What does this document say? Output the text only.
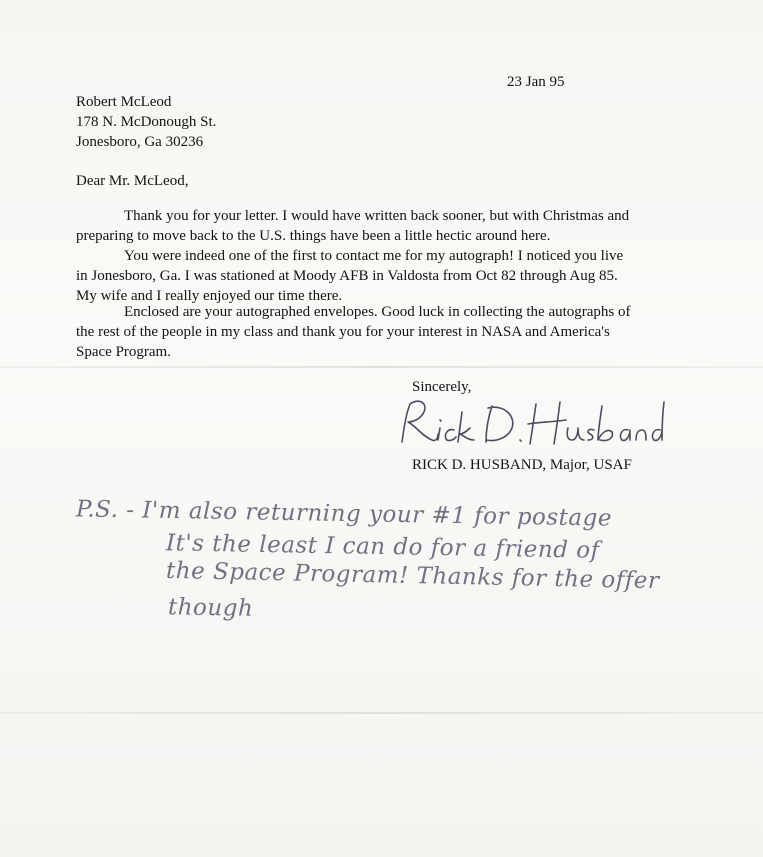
23 Jan 95
Robert McLeod
178 N. McDonough St.
Jonesboro, Ga 30236
Dear Mr. McLeod,
Thank you for your letter. I would have written back sooner, but with Christmas and
preparing to move back to the U.S. things have been a little hectic around here.
You were indeed one of the first to contact me for my autograph! I noticed you live
in Jonesboro, Ga. I was stationed at Moody AFB in Valdosta from Oct 82 through Aug 85.
My wife and I really enjoyed our time there.
Enclosed are your autographed envelopes. Good luck in collecting the autographs of
the rest of the people in my class and thank you for your interest in NASA and America's
Space Program.
Sincerely,
RICK D. HUSBAND, Major, USAF
P.S. - I'm also returning your #1 for postage
It's the least I can do for a friend of
the Space Program! Thanks for the offer
though
